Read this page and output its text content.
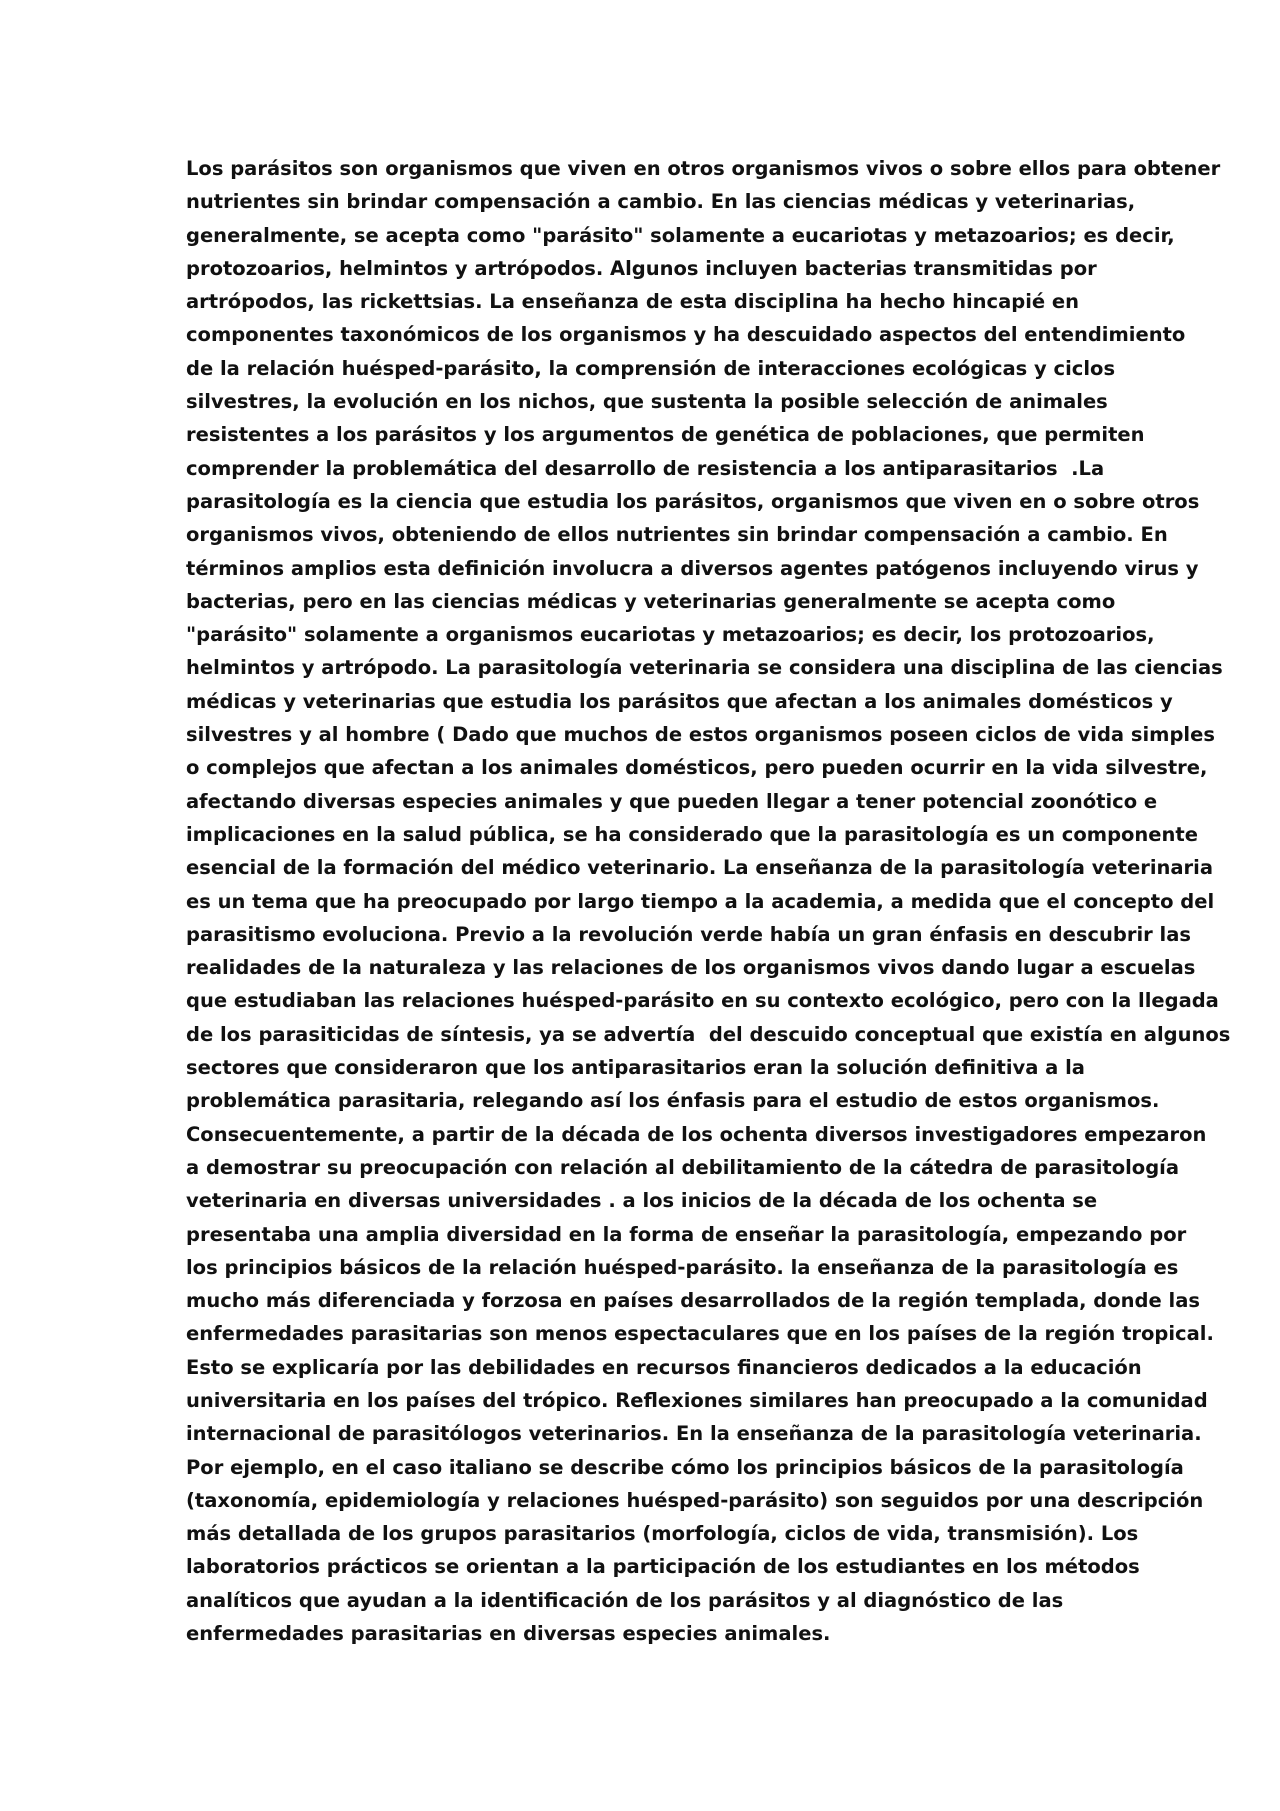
Los parásitos son organismos que viven en otros organismos vivos o sobre ellos para obtener
nutrientes sin brindar compensación a cambio. En las ciencias médicas y veterinarias,
generalmente, se acepta como "parásito" solamente a eucariotas y metazoarios; es decir,
protozoarios, helmintos y artrópodos. Algunos incluyen bacterias transmitidas por
artrópodos, las rickettsias. La enseñanza de esta disciplina ha hecho hincapié en
componentes taxonómicos de los organismos y ha descuidado aspectos del entendimiento
de la relación huésped-parásito, la comprensión de interacciones ecológicas y ciclos
silvestres, la evolución en los nichos, que sustenta la posible selección de animales
resistentes a los parásitos y los argumentos de genética de poblaciones, que permiten
comprender la problemática del desarrollo de resistencia a los antiparasitarios  .La
parasitología es la ciencia que estudia los parásitos, organismos que viven en o sobre otros
organismos vivos, obteniendo de ellos nutrientes sin brindar compensación a cambio. En
términos amplios esta definición involucra a diversos agentes patógenos incluyendo virus y
bacterias, pero en las ciencias médicas y veterinarias generalmente se acepta como
"parásito" solamente a organismos eucariotas y metazoarios; es decir, los protozoarios,
helmintos y artrópodo. La parasitología veterinaria se considera una disciplina de las ciencias
médicas y veterinarias que estudia los parásitos que afectan a los animales domésticos y
silvestres y al hombre ( Dado que muchos de estos organismos poseen ciclos de vida simples
o complejos que afectan a los animales domésticos, pero pueden ocurrir en la vida silvestre,
afectando diversas especies animales y que pueden llegar a tener potencial zoonótico e
implicaciones en la salud pública, se ha considerado que la parasitología es un componente
esencial de la formación del médico veterinario. La enseñanza de la parasitología veterinaria
es un tema que ha preocupado por largo tiempo a la academia, a medida que el concepto del
parasitismo evoluciona. Previo a la revolución verde había un gran énfasis en descubrir las
realidades de la naturaleza y las relaciones de los organismos vivos dando lugar a escuelas
que estudiaban las relaciones huésped-parásito en su contexto ecológico, pero con la llegada
de los parasiticidas de síntesis, ya se advertía  del descuido conceptual que existía en algunos
sectores que consideraron que los antiparasitarios eran la solución definitiva a la
problemática parasitaria, relegando así los énfasis para el estudio de estos organismos.
Consecuentemente, a partir de la década de los ochenta diversos investigadores empezaron
a demostrar su preocupación con relación al debilitamiento de la cátedra de parasitología
veterinaria en diversas universidades . a los inicios de la década de los ochenta se
presentaba una amplia diversidad en la forma de enseñar la parasitología, empezando por
los principios básicos de la relación huésped-parásito. la enseñanza de la parasitología es
mucho más diferenciada y forzosa en países desarrollados de la región templada, donde las
enfermedades parasitarias son menos espectaculares que en los países de la región tropical.
Esto se explicaría por las debilidades en recursos financieros dedicados a la educación
universitaria en los países del trópico. Reflexiones similares han preocupado a la comunidad
internacional de parasitólogos veterinarios. En la enseñanza de la parasitología veterinaria.
Por ejemplo, en el caso italiano se describe cómo los principios básicos de la parasitología
(taxonomía, epidemiología y relaciones huésped-parásito) son seguidos por una descripción
más detallada de los grupos parasitarios (morfología, ciclos de vida, transmisión). Los
laboratorios prácticos se orientan a la participación de los estudiantes en los métodos
analíticos que ayudan a la identificación de los parásitos y al diagnóstico de las
enfermedades parasitarias en diversas especies animales.
